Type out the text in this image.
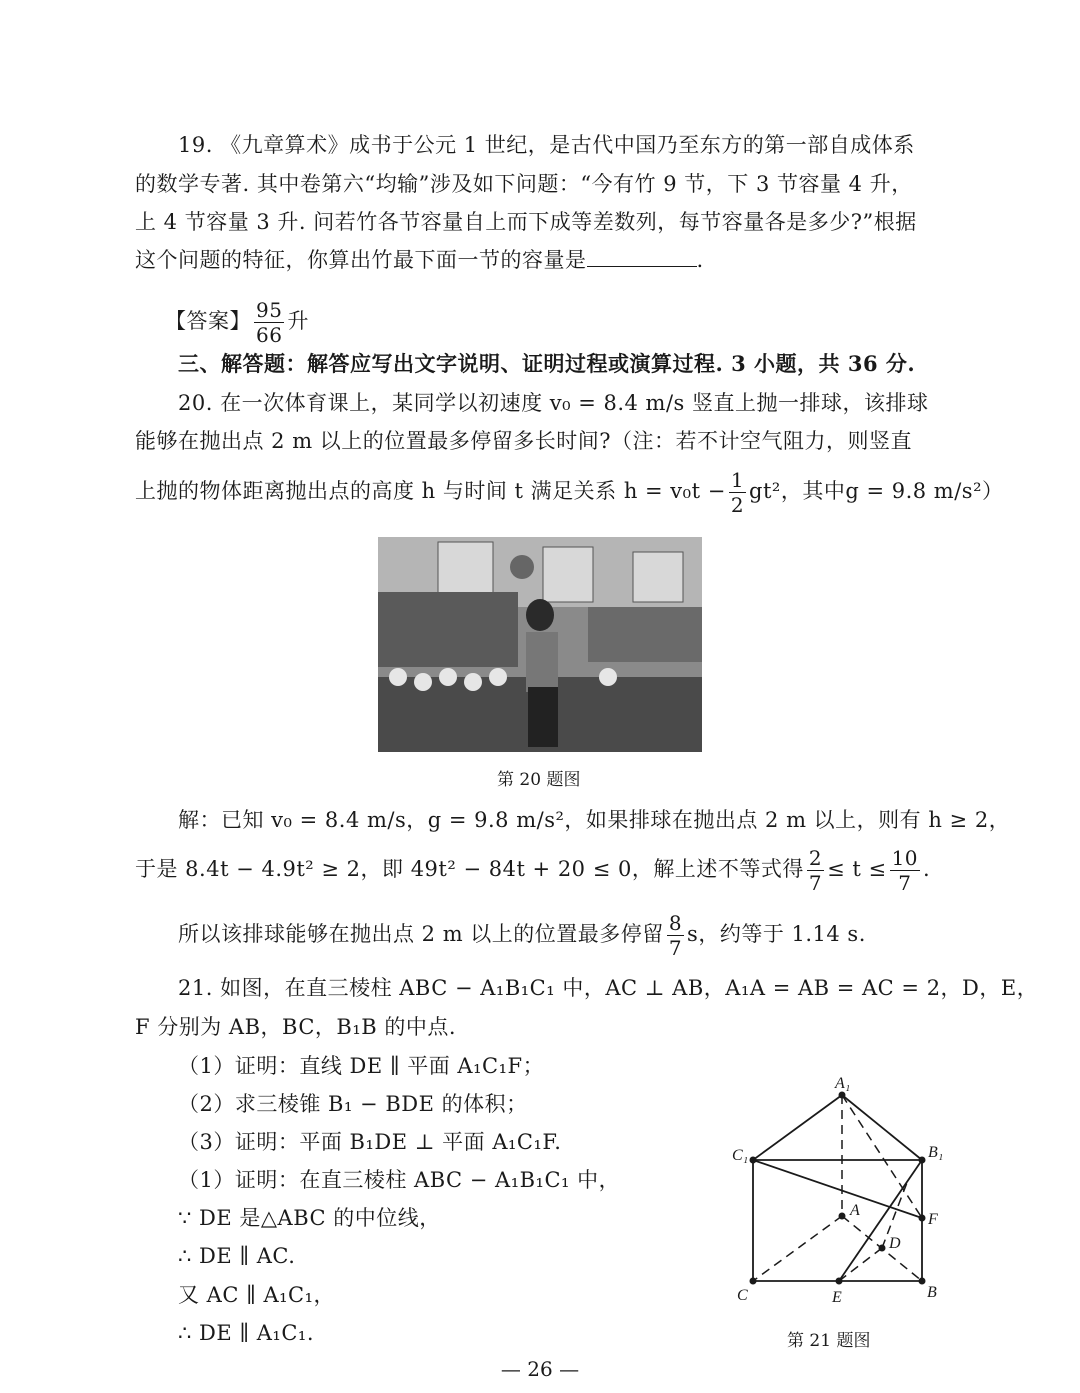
19. 《九章算术》成书于公元 1 世纪，是古代中国乃至东方的第一部自成体系
的数学专著. 其中卷第六“均输”涉及如下问题：“今有竹 9 节，下 3 节容量 4 升，
上 4 节容量 3 升. 问若竹各节容量自上而下成等差数列，每节容量各是多少?”根据
这个问题的特征，你算出竹最下面一节的容量是	.
【答案】 $\frac{95}{66}$ 升
三、解答题：解答应写出文字说明、证明过程或演算过程. 3 小题，共 36 分.
20. 在一次体育课上，某同学以初速度 v₀ = 8.4 m/s 竖直上抛一排球，该排球
能够在抛出点 2 m 以上的位置最多停留多长时间?（注：若不计空气阻力，则竖直
上抛的物体距离抛出点的高度 h 与时间 t 满足关系 $h = v_0t - \frac{1}{2} gt^2$，其中g = 9.8 m/s²）
解：已知 v₀ = 8.4 m/s，g = 9.8 m/s²，如果排球在抛出点 2 m 以上，则有 h ≥ 2，
于是 8.4t − 4.9t² ≥ 2，即 49t² − 84t + 20 ≤ 0，解上述不等式得 $\frac{2}{7} \le t \le \frac{10}{7}$ .
所以该排球能够在抛出点 2 m 以上的位置最多停留 $\frac{8}{7}$ s，约等于 1.14 s.
21. 如图，在直三棱柱 ABC − A₁B₁C₁ 中，AC ⊥ AB，A₁A = AB = AC = 2，D，E，
F 分别为 AB，BC，B₁B 的中点.
（1）证明：直线 DE ∥ 平面 A₁C₁F；
（2）求三棱锥 B₁ − BDE 的体积；
（3）证明：平面 B₁DE ⊥ 平面 A₁C₁F.
（1）证明：在直三棱柱 ABC − A₁B₁C₁ 中，
∵ DE 是△ABC 的中位线，
∴ DE ∥ AC.
又 AC ∥ A₁C₁，
∴ DE ∥ A₁C₁.
第 20 题图
A₁
C₁	B₁
A
F
D
C	E	B
第 21 题图
— 26 —
